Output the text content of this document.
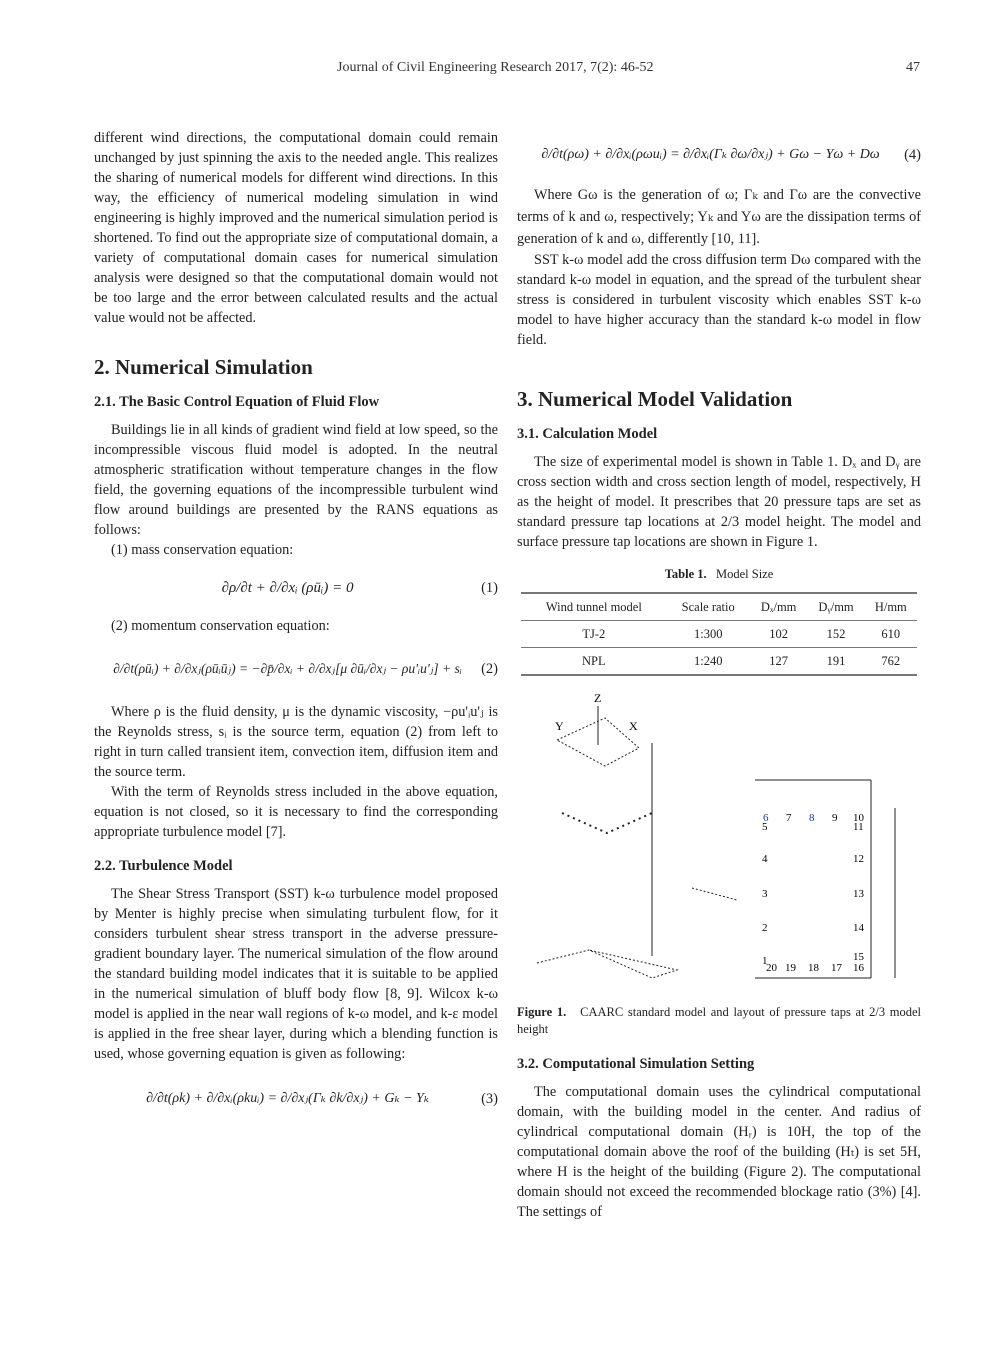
Journal of Civil Engineering Research 2017, 7(2): 46-52	47

different wind directions, the computational domain could remain unchanged by just spinning the axis to the needed angle. This realizes the sharing of numerical models for different wind directions. In this way, the efficiency of numerical modeling simulation in wind engineering is highly improved and the numerical simulation period is shortened. To find out the appropriate size of computational domain, a variety of computational domain cases for numerical simulation analysis were designed so that the computational domain would not be too large and the error between calculated results and the actual value would not be affected.

2. Numerical Simulation
2.1. The Basic Control Equation of Fluid Flow

Buildings lie in all kinds of gradient wind field at low speed, so the incompressible viscous fluid model is adopted. In the neutral atmospheric stratification without temperature changes in the flow field, the governing equations of the incompressible turbulent wind flow around buildings are presented by the RANS equations as follows:

(1) mass conservation equation:

∂ρ/∂t + ∂/∂xᵢ (ρūᵢ) = 0	(1)

(2) momentum conservation equation:

∂/∂t(ρūᵢ) + ∂/∂xⱼ(ρūᵢūⱼ) = −∂p̄/∂xᵢ + ∂/∂xⱼ[μ ∂ūᵢ/∂xⱼ − ρu'ᵢu'ⱼ] + sᵢ	(2)

Where ρ is the fluid density, μ is the dynamic viscosity, −ρu'ᵢu'ⱼ is the Reynolds stress, sᵢ is the source term, equation (2) from left to right in turn called transient item, convection item, diffusion item and the source term.

With the term of Reynolds stress included in the above equation, equation is not closed, so it is necessary to find the corresponding appropriate turbulence model [7].

2.2. Turbulence Model

The Shear Stress Transport (SST) k-ω turbulence model proposed by Menter is highly precise when simulating turbulent flow, for it considers turbulent shear stress transport in the adverse pressure-gradient boundary layer. The numerical simulation of the flow around the standard building model indicates that it is suitable to be applied in the numerical simulation of bluff body flow [8, 9]. Wilcox k-ω model is applied in the near wall regions of k-ω model, and k-ε model is applied in the free shear layer, during which a blending function is used, whose governing equation is given as following:

∂/∂t(ρk) + ∂/∂xᵢ(ρkuᵢ) = ∂/∂xⱼ(Γₖ ∂k/∂xⱼ) + Gₖ − Yₖ	(3)
∂/∂t(ρω) + ∂/∂xᵢ(ρωuᵢ) = ∂/∂xᵢ(Γₖ ∂ω/∂xⱼ) + Gω − Yω + Dω	(4)

Where Gω is the generation of ω; Γₖ and Γω are the convective terms of k and ω, respectively; Yₖ and Yω are the dissipation terms of generation of k and ω, differently [10, 11].

SST k-ω model add the cross diffusion term Dω compared with the standard k-ω model in equation, and the spread of the turbulent shear stress is considered in turbulent viscosity which enables SST k-ω model to have higher accuracy than the standard k-ω model in flow field.

3. Numerical Model Validation
3.1. Calculation Model

The size of experimental model is shown in Table 1. Dₓ and Dᵧ are cross section width and cross section length of model, respectively, H as the height of model. It prescribes that 20 pressure taps are set as standard pressure tap locations at 2/3 model height. The model and surface pressure tap locations are shown in Figure 1.

Table 1. Model Size
Wind tunnel model	Scale ratio	Dₓ/mm	Dᵧ/mm	H/mm
TJ-2	1:300	102	152	610
NPL	1:240	127	191	762
Z
Y	X
1
2
3
4
5
6 7 8 9 10
11
12
13
14
15
16
17
18
19
20
Figure 1. CAARC standard model and layout of pressure taps at 2/3 model height
3.2. Computational Simulation Setting

The computational domain uses the cylindrical computational domain, with the building model in the center. And radius of cylindrical computational domain (Hᵣ) is 10H, the top of the computational domain above the roof of the building (Hₜ) is set 5H, where H is the height of the building (Figure 2). The computational domain should not exceed the recommended blockage ratio (3%) [4]. The settings of
